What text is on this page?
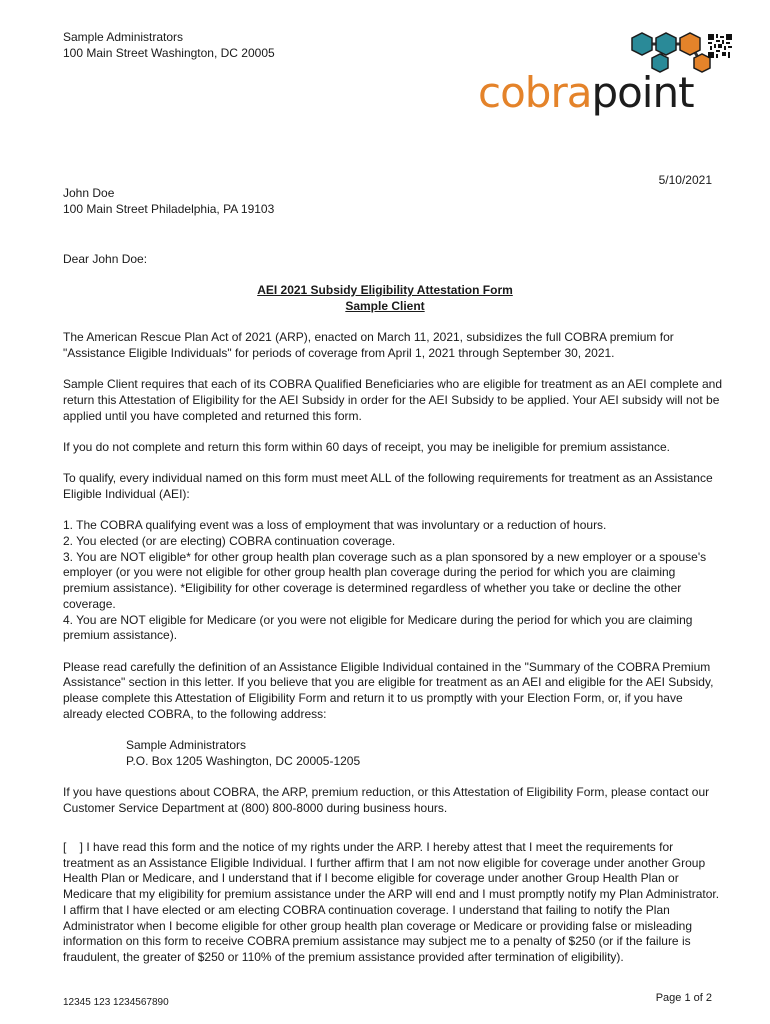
Sample Administrators
100 Main Street Washington, DC 20005
cobrapoint
5/10/2021
John Doe
100 Main Street Philadelphia, PA 19103
Dear John Doe:
AEI 2021 Subsidy Eligibility Attestation Form
Sample Client

The American Rescue Plan Act of 2021 (ARP), enacted on March 11, 2021, subsidizes the full COBRA premium for "Assistance Eligible Individuals" for periods of coverage from April 1, 2021 through September 30, 2021.

Sample Client requires that each of its COBRA Qualified Beneficiaries who are eligible for treatment as an AEI complete and return this Attestation of Eligibility for the AEI Subsidy in order for the AEI Subsidy to be applied. Your AEI subsidy will not be applied until you have completed and returned this form.

If you do not complete and return this form within 60 days of receipt, you may be ineligible for premium assistance.

To qualify, every individual named on this form must meet ALL of the following requirements for treatment as an Assistance Eligible Individual (AEI):

1. The COBRA qualifying event was a loss of employment that was involuntary or a reduction of hours.
2. You elected (or are electing) COBRA continuation coverage.
3. You are NOT eligible* for other group health plan coverage such as a plan sponsored by a new employer or a spouse's employer (or you were not eligible for other group health plan coverage during the period for which you are claiming premium assistance). *Eligibility for other coverage is determined regardless of whether you take or decline the other coverage.
4. You are NOT eligible for Medicare (or you were not eligible for Medicare during the period for which you are claiming premium assistance).

Please read carefully the definition of an Assistance Eligible Individual contained in the "Summary of the COBRA Premium Assistance" section in this letter. If you believe that you are eligible for treatment as an AEI and eligible for the AEI Subsidy, please complete this Attestation of Eligibility Form and return it to us promptly with your Election Form, or, if you have already elected COBRA, to the following address:

Sample Administrators
P.O. Box 1205 Washington, DC 20005-1205

If you have questions about COBRA, the ARP, premium reduction, or this Attestation of Eligibility Form, please contact our Customer Service Department at (800) 800-8000 during business hours.

[    ] I have read this form and the notice of my rights under the ARP. I hereby attest that I meet the requirements for treatment as an Assistance Eligible Individual. I further affirm that I am not now eligible for coverage under another Group Health Plan or Medicare, and I understand that if I become eligible for coverage under another Group Health Plan or Medicare that my eligibility for premium assistance under the ARP will end and I must promptly notify my Plan Administrator. I affirm that I have elected or am electing COBRA continuation coverage. I understand that failing to notify the Plan Administrator when I become eligible for other group health plan coverage or Medicare or providing false or misleading information on this form to receive COBRA premium assistance may subject me to a penalty of $250 (or if the failure is fraudulent, the greater of $250 or 110% of the premium assistance provided after termination of eligibility).
12345 123 1234567890	Page 1 of 2
